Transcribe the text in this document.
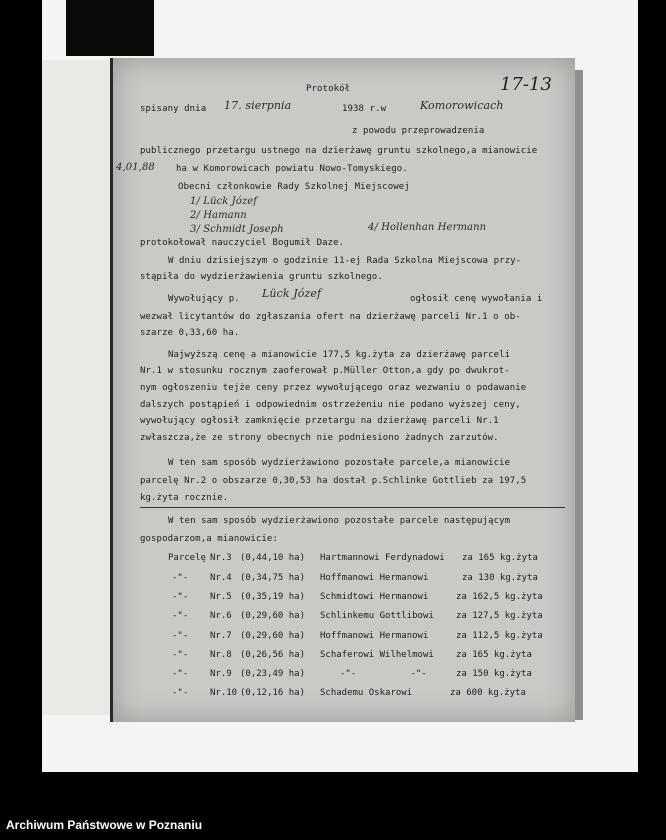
17-13
Protokół
spisany dnia 17. sierpnia	1938 r.w	Komorowicach
z powodu przeprowadzenia
publicznego przetargu ustnego na dzierżawę gruntu szkolnego,a mianowicie
4,01,88 ha w Komorowicach powiatu Nowo-Tomyskiego.
Obecni członkowie Rady Szkolnej Miejscowej
1/ Lück Józef
2/ Hamann
3/ Schmidt Joseph	4/ Hollenhan Hermann
protokołował nauczyciel Bogumił Daze.
W dniu dzisiejszym o godzinie 11-ej Rada Szkolna Miejscowa przy-
stąpiła do wydzierżawienia gruntu szkolnego.
Wywołujący p. Lück Józef	ogłosił cenę wywołania i
wezwał licytantów do zgłaszania ofert na dzierżawę parceli Nr.1 o ob-
szarze 0,33,60 ha.
Najwyższą cenę a mianowicie 177,5 kg.żyta za dzierżawę parceli
Nr.1 w stosunku rocznym zaoferował p.Müller Otton,a gdy po dwukrot-
nym ogłoszeniu tejże ceny przez wywołującego oraz wezwaniu o podawanie
dalszych postąpień i odpowiednim ostrzeżeniu nie podano wyższej ceny,
wywołujący ogłosił zamknięcie przetargu na dzierżawę parceli Nr.1
zwłaszcza,że ze strony obecnych nie podniesiono żadnych zarzutów.
W ten sam sposób wydzierżawiono pozostałe parcele,a mianowicie
parcelę Nr.2 o obszarze 0,30,53 ha dostał p.Schlinke Gottlieb za 197,5
kg.żyta rocznie.
W ten sam sposób wydzierżawiono pozostałe parcele następującym
gospodarzom,a mianowicie:
Parcelę Nr.3 (0,44,10 ha) Hartmannowi Ferdynadowi za 165 kg.żyta
-"- Nr.4 (0,34,75 ha) Hoffmanowi Hermanowi	za 130 kg.żyta
-"- Nr.5 (0,35,19 ha) Schmidtowi Hermanowi	za 162,5 kg.żyta
-"- Nr.6 (0,29,60 ha) Schlinkemu Gottlibowi za 127,5 kg.żyta
-"- Nr.7 (0,29,60 ha) Hoffmanowi Hermanowi	za 112,5 kg.żyta
-"- Nr.8 (0,26,56 ha) Schaferowi Wilhelmowi za 165 kg.żyta
-"- Nr.9 (0,23,49 ha)	-"-          -"-	za 150 kg.żyta
-"- Nr.10 (0,12,16 ha) Schademu Oskarowi	za 600 kg.żyta
Archiwum Państwowe w Poznaniu
